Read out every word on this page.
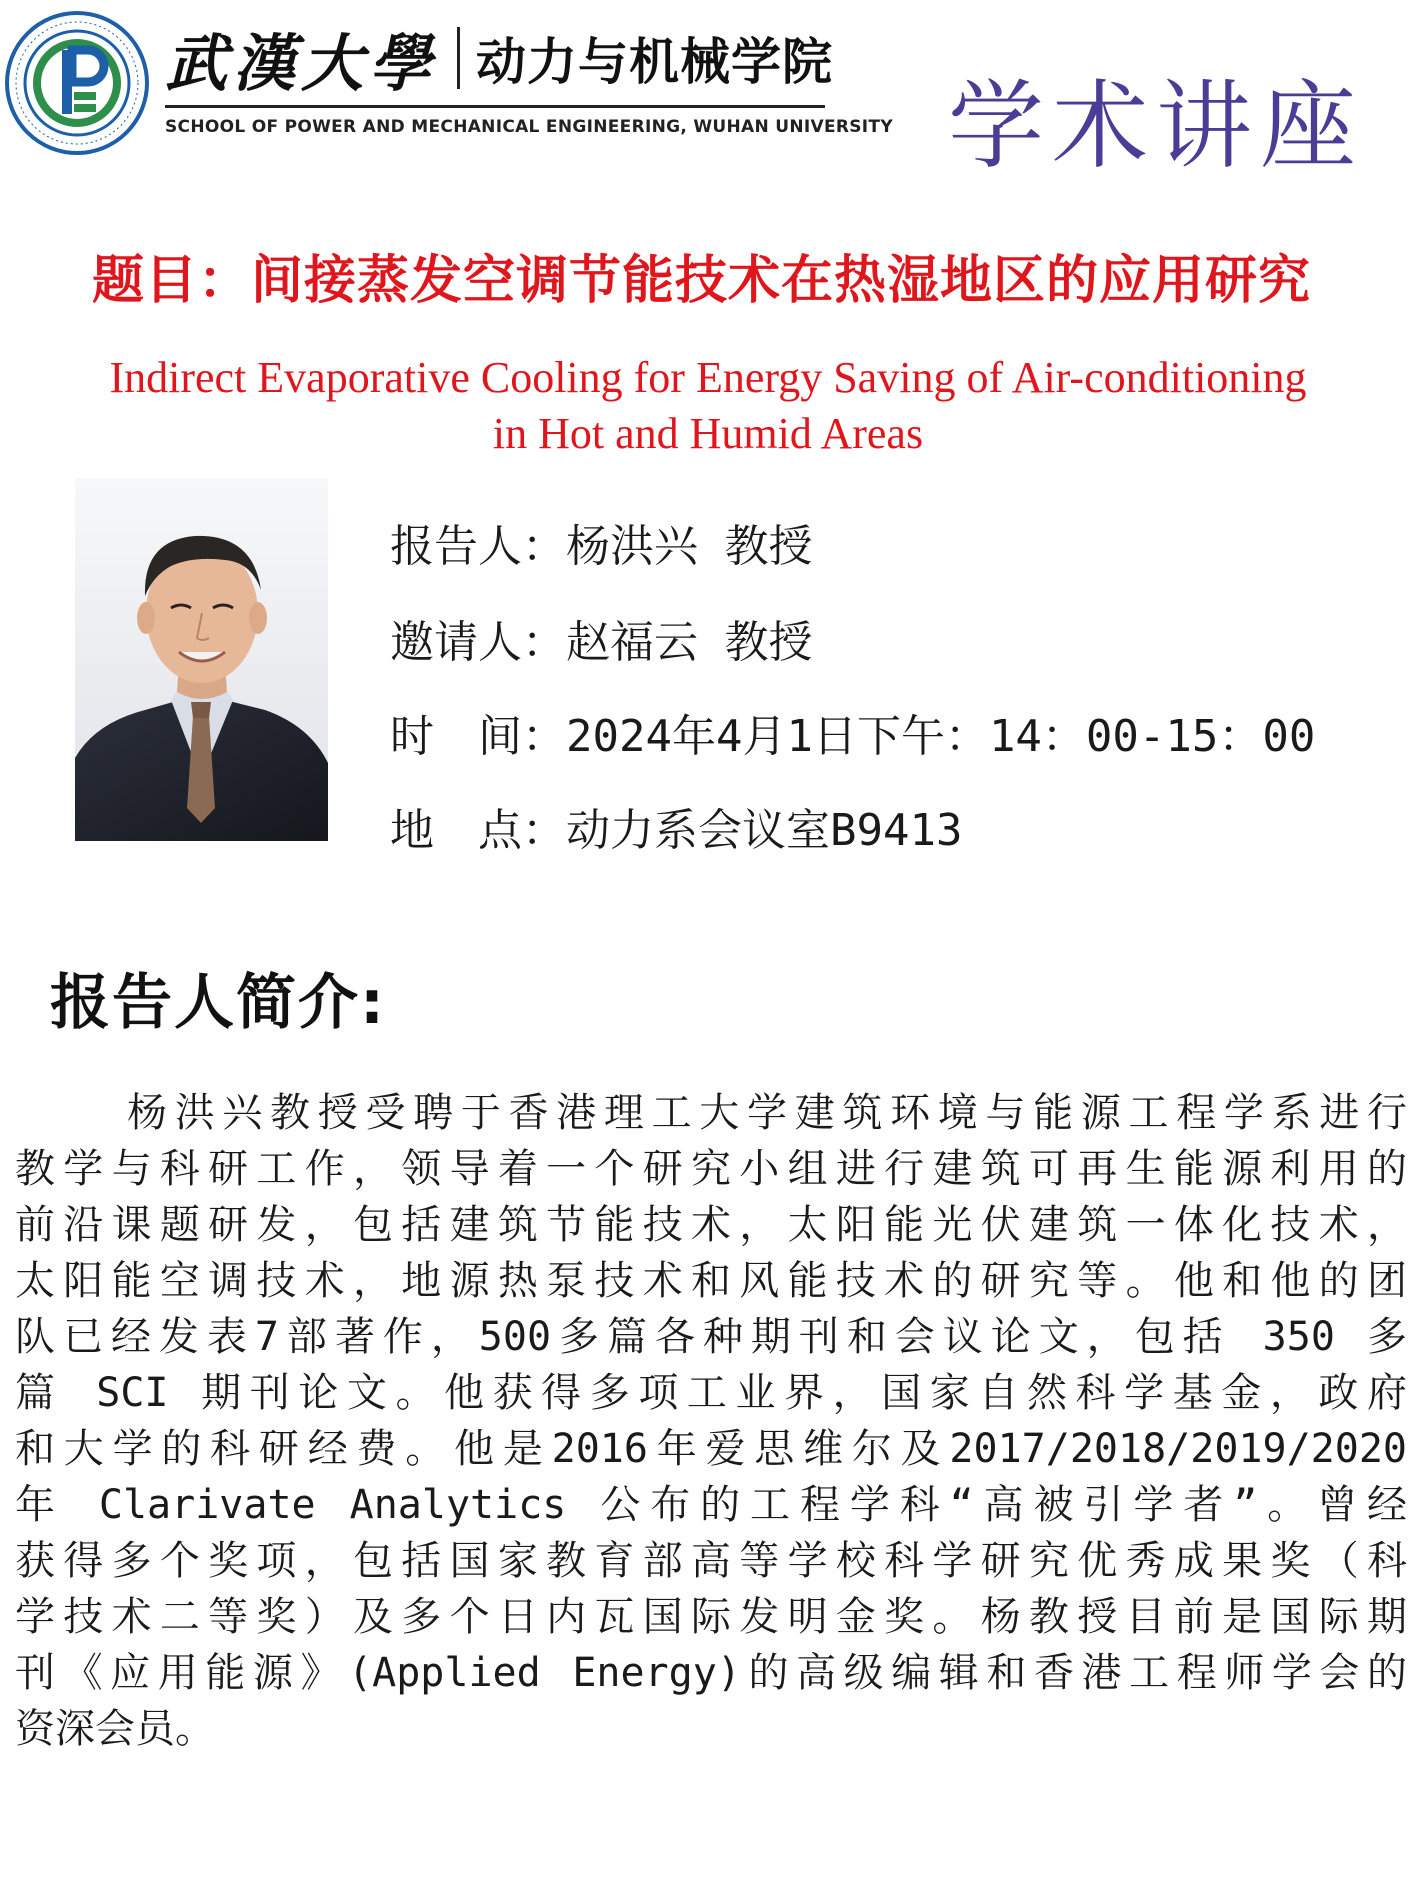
武漢大學 动力与机械学院
SCHOOL OF POWER AND MECHANICAL ENGINEERING, WUHAN UNIVERSITY 学术讲座
题目：间接蒸发空调节能技术在热湿地区的应用研究
Indirect Evaporative Cooling for Energy Saving of Air-conditioning
in Hot and Humid Areas
报告人：杨洪兴 教授
邀请人：赵福云 教授
时　间：2024年4月1日下午：14：00-15：00
地　点：动力系会议室B9413
报告人简介:
杨洪兴教授受聘于香港理工大学建筑环境与能源工程学系进行
教学与科研工作，领导着一个研究小组进行建筑可再生能源利用的
前沿课题研发，包括建筑节能技术，太阳能光伏建筑一体化技术，
太阳能空调技术，地源热泵技术和风能技术的研究等。他和他的团
队已经发表7部著作，500多篇各种期刊和会议论文，包括 350 多
篇 SCI 期刊论文。他获得多项工业界，国家自然科学基金，政府
和大学的科研经费。他是2016年爱思维尔及2017/2018/2019/2020
年 Clarivate Analytics 公布的工程学科“高被引学者”。曾经
获得多个奖项，包括国家教育部高等学校科学研究优秀成果奖（科
学技术二等奖）及多个日内瓦国际发明金奖。杨教授目前是国际期
刊《应用能源》(Applied Energy)的高级编辑和香港工程师学会的
资深会员。
